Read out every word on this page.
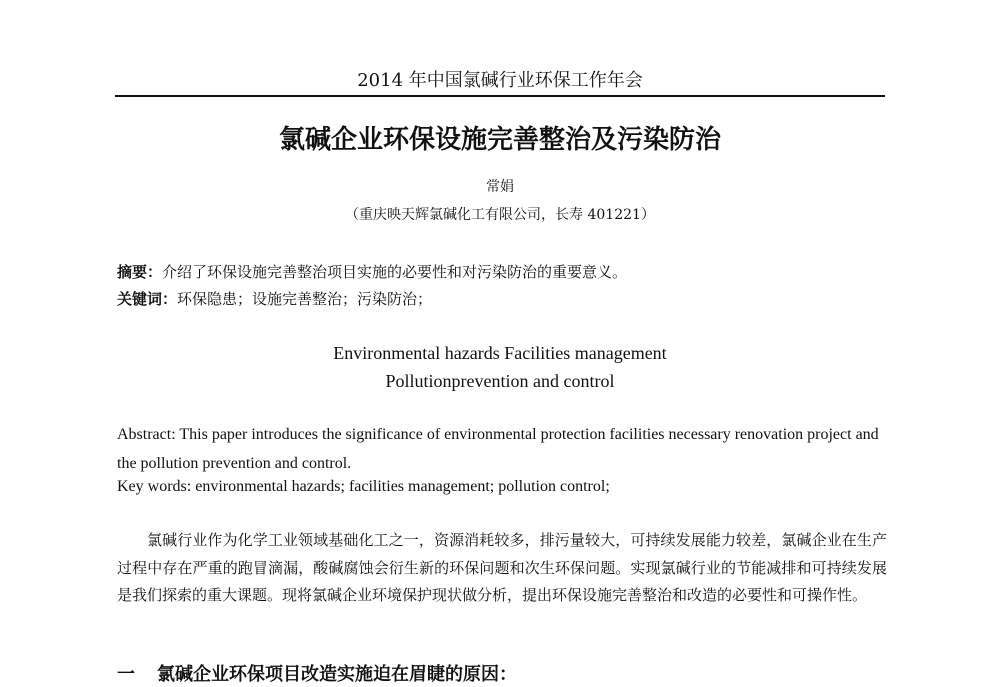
2014 年中国氯碱行业环保工作年会
氯碱企业环保设施完善整治及污染防治
常娟
（重庆映天辉氯碱化工有限公司，长寿 401221）
摘要：介绍了环保设施完善整治项目实施的必要性和对污染防治的重要意义。
关键词：环保隐患；设施完善整治；污染防治；
Environmental hazards Facilities management
Pollutionprevention and control
Abstract: This paper introduces the significance of environmental protection facilities necessary renovation project and the pollution prevention and control.
Key words: environmental hazards; facilities management; pollution control;
氯碱行业作为化学工业领域基础化工之一，资源消耗较多，排污量较大，可持续发展能力较差，氯碱企业在生产过程中存在严重的跑冒滴漏，酸碱腐蚀会衍生新的环保问题和次生环保问题。实现氯碱行业的节能减排和可持续发展是我们探索的重大课题。现将氯碱企业环境保护现状做分析，提出环保设施完善整治和改造的必要性和可操作性。
一 氯碱企业环保项目改造实施迫在眉睫的原因：
